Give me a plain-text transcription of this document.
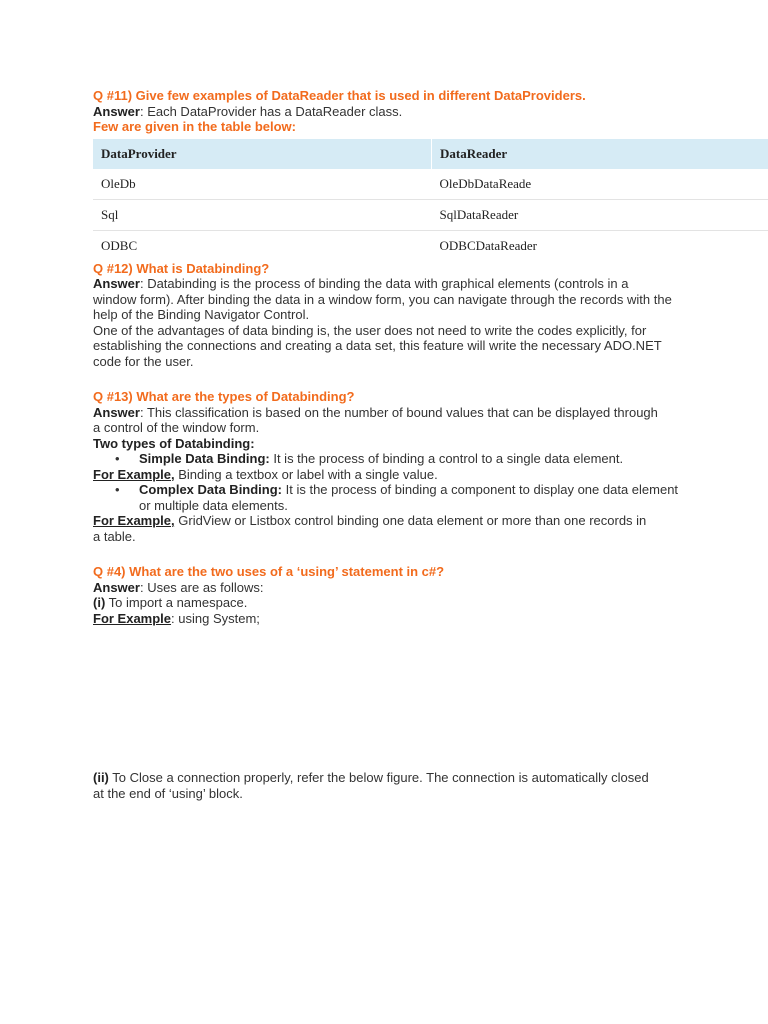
Q #11) Give few examples of DataReader that is used in different DataProviders.

Answer: Each DataProvider has a DataReader class.

Few are given in the table below:

DataProvider	DataReader
OleDb	OleDbDataReade
Sql	SqlDataReader
ODBC	ODBCDataReader

Q #12) What is Databinding?

Answer: Databinding is the process of binding the data with graphical elements (controls in a window form). After binding the data in a window form, you can navigate through the records with the help of the Binding Navigator Control.

One of the advantages of data binding is, the user does not need to write the codes explicitly, for establishing the connections and creating a data set, this feature will write the necessary ADO.NET code for the user.

Q #13) What are the types of Databinding?

Answer: This classification is based on the number of bound values that can be displayed through a control of the window form.

Two types of Databinding:

• Simple Data Binding: It is the process of binding a control to a single data element.

For Example, Binding a textbox or label with a single value.

• Complex Data Binding: It is the process of binding a component to display one data element or multiple data elements.

For Example, GridView or Listbox control binding one data element or more than one records in a table.

Q #4) What are the two uses of a ‘using’ statement in c#?

Answer: Uses are as follows:

(i) To import a namespace.

For Example: using System;

(ii) To Close a connection properly, refer the below figure. The connection is automatically closed at the end of ‘using’ block.
